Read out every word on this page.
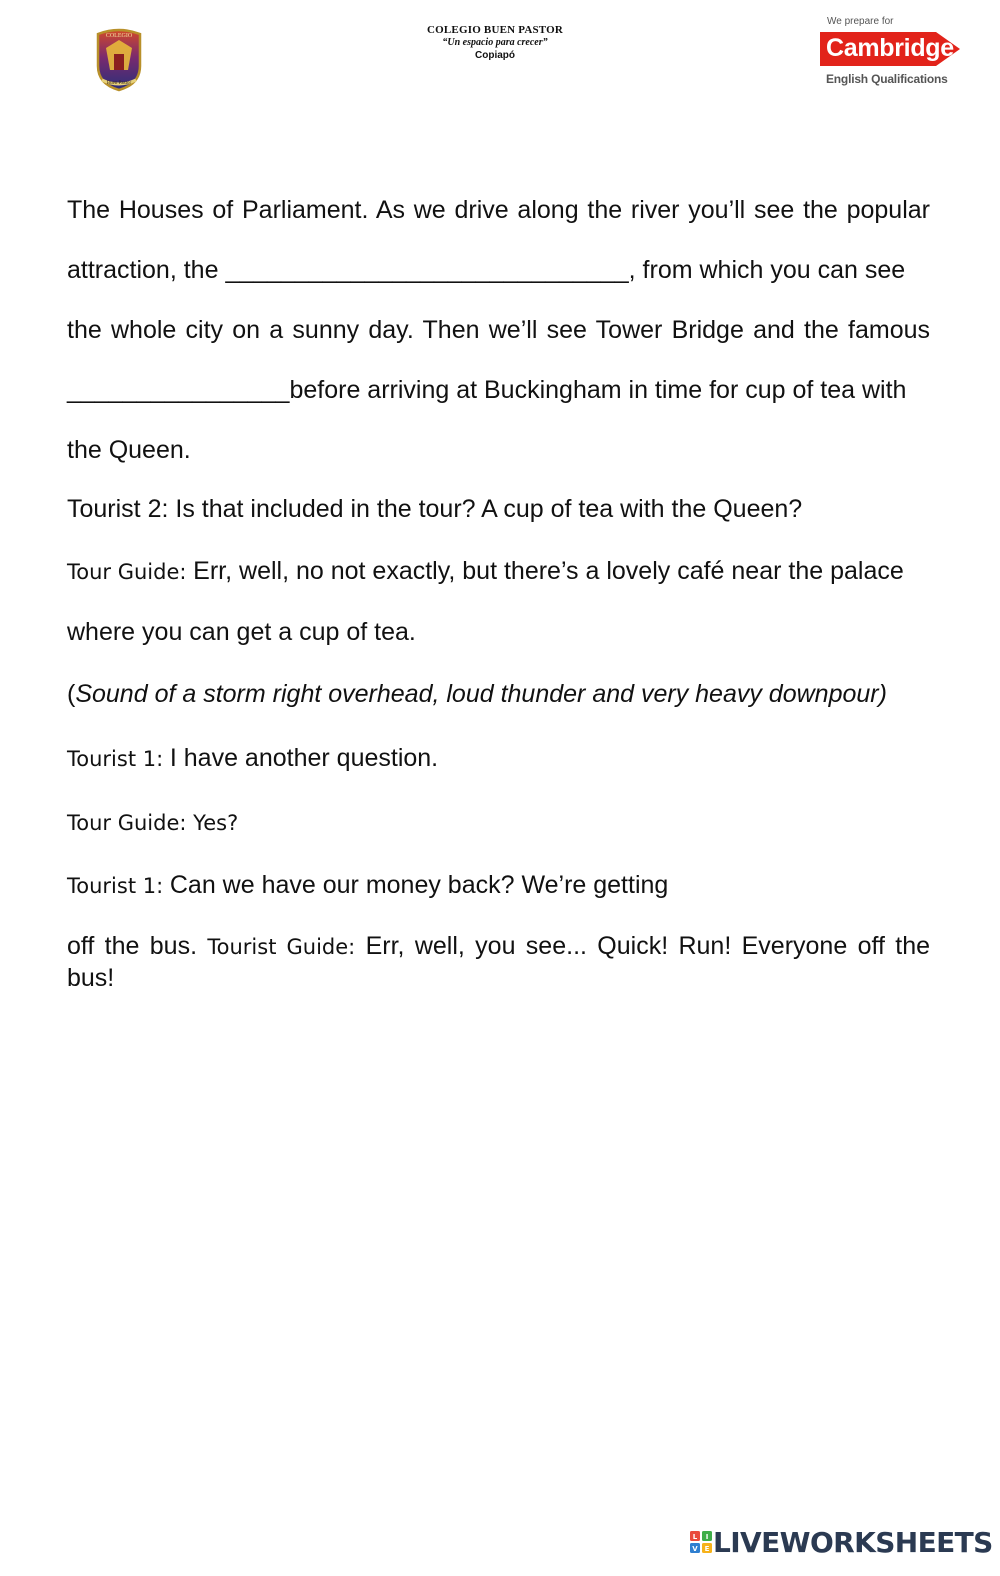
COLEGIO
Buen Pastor
COLEGIO BUEN PASTOR
“Un espacio para crecer”
Copiapó
We prepare for
Cambridge
English Qualifications
The Houses of Parliament. As we drive along the river you’ll see the popular
attraction, the _____________________________, from which you can see
the whole city on a sunny day. Then we’ll see Tower Bridge and the famous
________________before arriving at Buckingham in time for cup of tea with
the Queen.
Tourist 2: Is that included in the tour? A cup of tea with the Queen?
Tour Guide: Err, well, no not exactly, but there’s a lovely café near the palace
where you can get a cup of tea.
(Sound of a storm right overhead, loud thunder and very heavy downpour)
Tourist 1: I have another question.
Tour Guide: Yes?
Tourist 1: Can we have our money back? We’re getting
off the bus. Tourist Guide: Err, well, you see... Quick! Run! Everyone off the
bus!
L I
V E LIVEWORKSHEETS
